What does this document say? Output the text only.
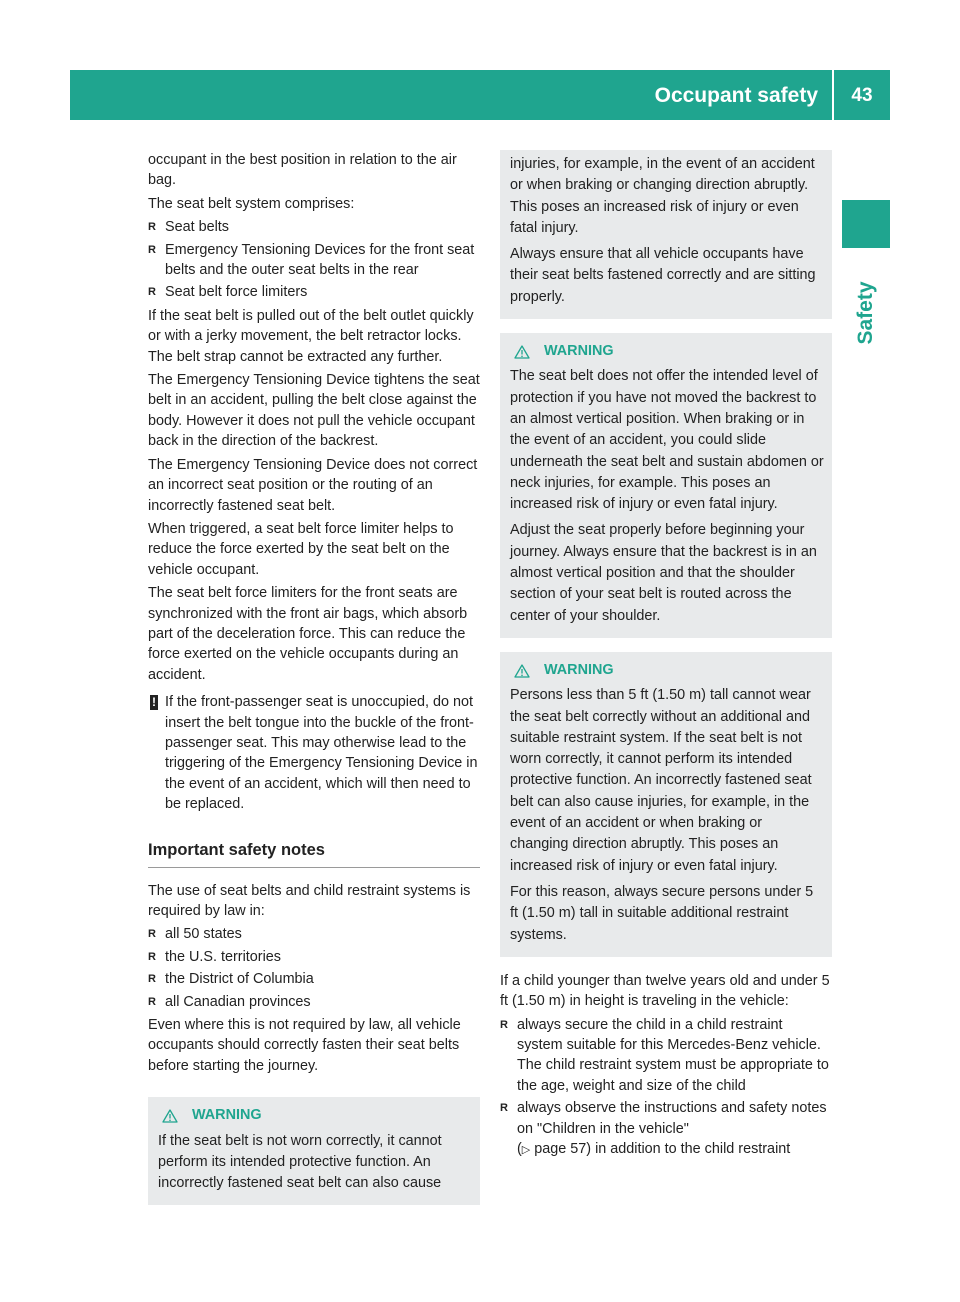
Occupant safety	43
Safety

occupant in the best position in relation to the air bag.

The seat belt system comprises:

R Seat belts
R Emergency Tensioning Devices for the front seat belts and the outer seat belts in the rear
R Seat belt force limiters

If the seat belt is pulled out of the belt outlet quickly or with a jerky movement, the belt retractor locks. The belt strap cannot be extracted any further.

The Emergency Tensioning Device tightens the seat belt in an accident, pulling the belt close against the body. However it does not pull the vehicle occupant back in the direction of the backrest.

The Emergency Tensioning Device does not correct an incorrect seat position or the routing of an incorrectly fastened seat belt.

When triggered, a seat belt force limiter helps to reduce the force exerted by the seat belt on the vehicle occupant.

The seat belt force limiters for the front seats are synchronized with the front air bags, which absorb part of the deceleration force. This can reduce the force exerted on the vehicle occupants during an accident.

! If the front-passenger seat is unoccupied, do not insert the belt tongue into the buckle of the front-passenger seat. This may otherwise lead to the triggering of the Emergency Tensioning Device in the event of an accident, which will then need to be replaced.
Important safety notes

The use of seat belts and child restraint systems is required by law in:

R all 50 states
R the U.S. territories
R the District of Columbia
R all Canadian provinces

Even where this is not required by law, all vehicle occupants should correctly fasten their seat belts before starting the journey.

WARNING

If the seat belt is not worn correctly, it cannot perform its intended protective function. An incorrectly fastened seat belt can also cause

injuries, for example, in the event of an accident or when braking or changing direction abruptly. This poses an increased risk of injury or even fatal injury.

Always ensure that all vehicle occupants have their seat belts fastened correctly and are sitting properly.

WARNING

The seat belt does not offer the intended level of protection if you have not moved the backrest to an almost vertical position. When braking or in the event of an accident, you could slide underneath the seat belt and sustain abdomen or neck injuries, for example. This poses an increased risk of injury or even fatal injury.

Adjust the seat properly before beginning your journey. Always ensure that the backrest is in an almost vertical position and that the shoulder section of your seat belt is routed across the center of your shoulder.

WARNING

Persons less than 5 ft (1.50 m) tall cannot wear the seat belt correctly without an additional and suitable restraint system. If the seat belt is not worn correctly, it cannot perform its intended protective function. An incorrectly fastened seat belt can also cause injuries, for example, in the event of an accident or when braking or changing direction abruptly. This poses an increased risk of injury or even fatal injury.

For this reason, always secure persons under 5 ft (1.50 m) tall in suitable additional restraint systems.

If a child younger than twelve years old and under 5 ft (1.50 m) in height is traveling in the vehicle:

R always secure the child in a child restraint system suitable for this Mercedes-Benz vehicle. The child restraint system must be appropriate to the age, weight and size of the child
R always observe the instructions and safety notes on "Children in the vehicle"
(▷ page 57) in addition to the child restraint
